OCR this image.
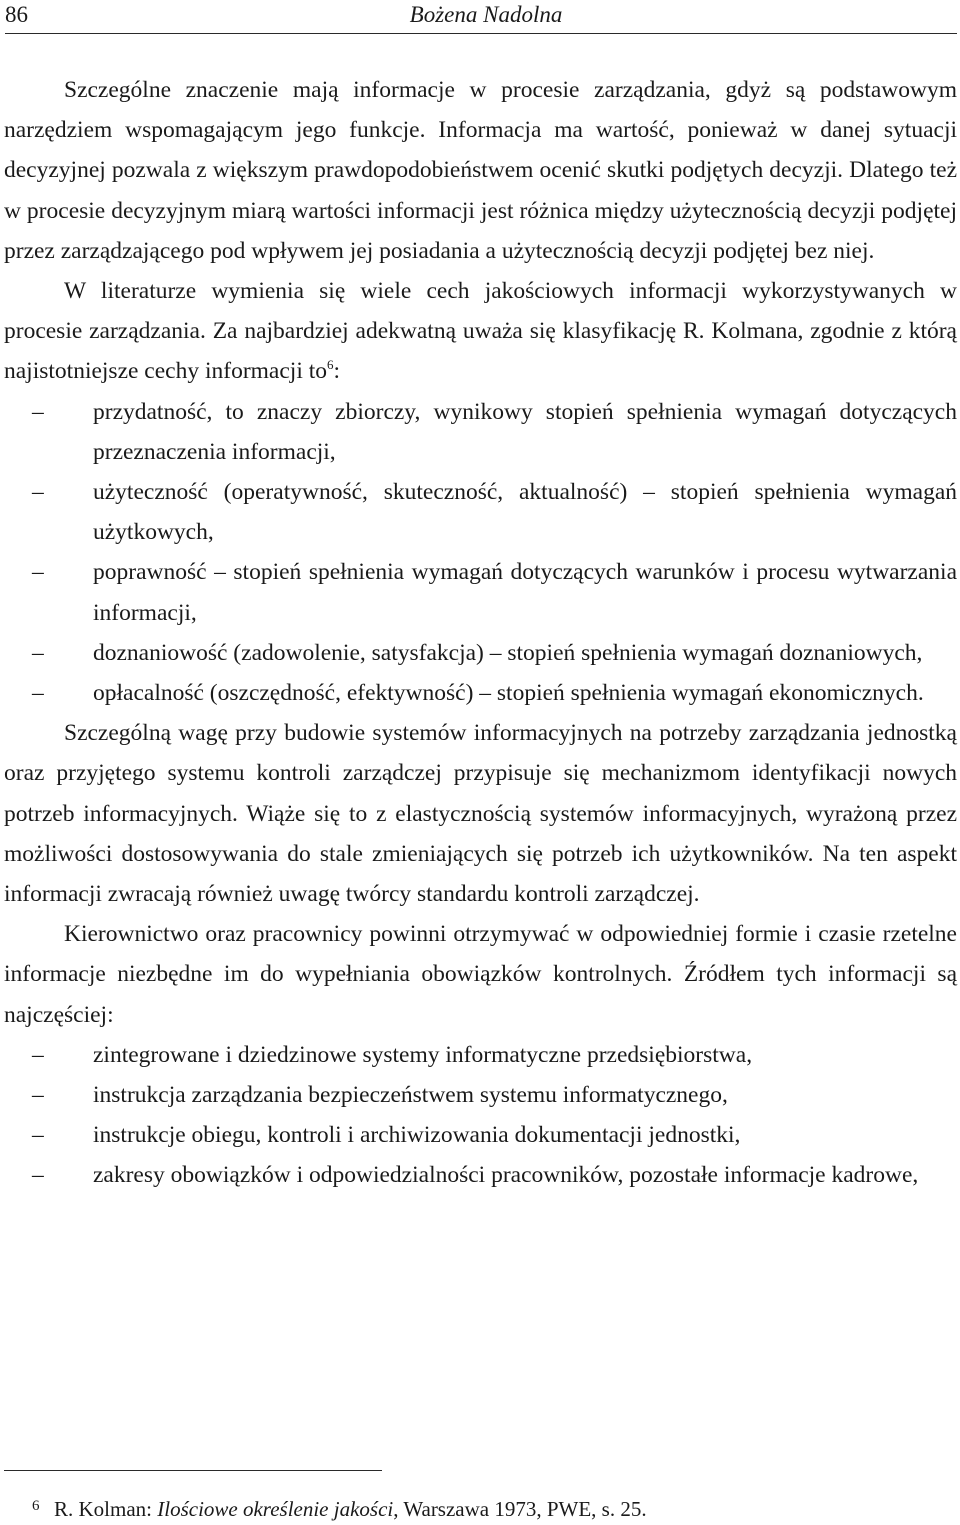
86	Bożena Nadolna

Szczególne znaczenie mają informacje w procesie zarządzania, gdyż są podstawowym narzędziem wspomagającym jego funkcje. Informacja ma wartość, ponieważ w danej sytuacji decyzyjnej pozwala z większym prawdopodobieństwem ocenić skutki podjętych decyzji. Dlatego też w procesie decyzyjnym miarą wartości informacji jest różnica między użytecznością decyzji podjętej przez zarządzającego pod wpływem jej posiadania a użytecznością decyzji podjętej bez niej.

W literaturze wymienia się wiele cech jakościowych informacji wykorzystywanych w procesie zarządzania. Za najbardziej adekwatną uważa się klasyfikację R. Kolmana, zgodnie z którą najistotniejsze cechy informacji $to^6$:

– przydatność, to znaczy zbiorczy, wynikowy stopień spełnienia wymagań dotyczących przeznaczenia informacji,
– użyteczność (operatywność, skuteczność, aktualność) – stopień spełnienia wymagań użytkowych,
– poprawność – stopień spełnienia wymagań dotyczących warunków i procesu wytwarzania informacji,
– doznaniowość (zadowolenie, satysfakcja) – stopień spełnienia wymagań doznaniowych,
– opłacalność (oszczędność, efektywność) – stopień spełnienia wymagań ekonomicznych.

Szczególną wagę przy budowie systemów informacyjnych na potrzeby zarządzania jednostką oraz przyjętego systemu kontroli zarządczej przypisuje się mechanizmom identyfikacji nowych potrzeb informacyjnych. Wiąże się to z elastycznością systemów informacyjnych, wyrażoną przez możliwości dostosowywania do stale zmieniających się potrzeb ich użytkowników. Na ten aspekt informacji zwracają również uwagę twórcy standardu kontroli zarządczej.

Kierownictwo oraz pracownicy powinni otrzymywać w odpowiedniej formie i czasie rzetelne informacje niezbędne im do wypełniania obowiązków kontrolnych. Źródłem tych informacji są najczęściej:

– zintegrowane i dziedzinowe systemy informatyczne przedsiębiorstwa,
– instrukcja zarządzania bezpieczeństwem systemu informatycznego,
– instrukcje obiegu, kontroli i archiwizowania dokumentacji jednostki,
– zakresy obowiązków i odpowiedzialności pracowników, pozostałe informacje kadrowe,
6 R. Kolman: Ilościowe określenie jakości, Warszawa 1973, PWE, s. 25.
